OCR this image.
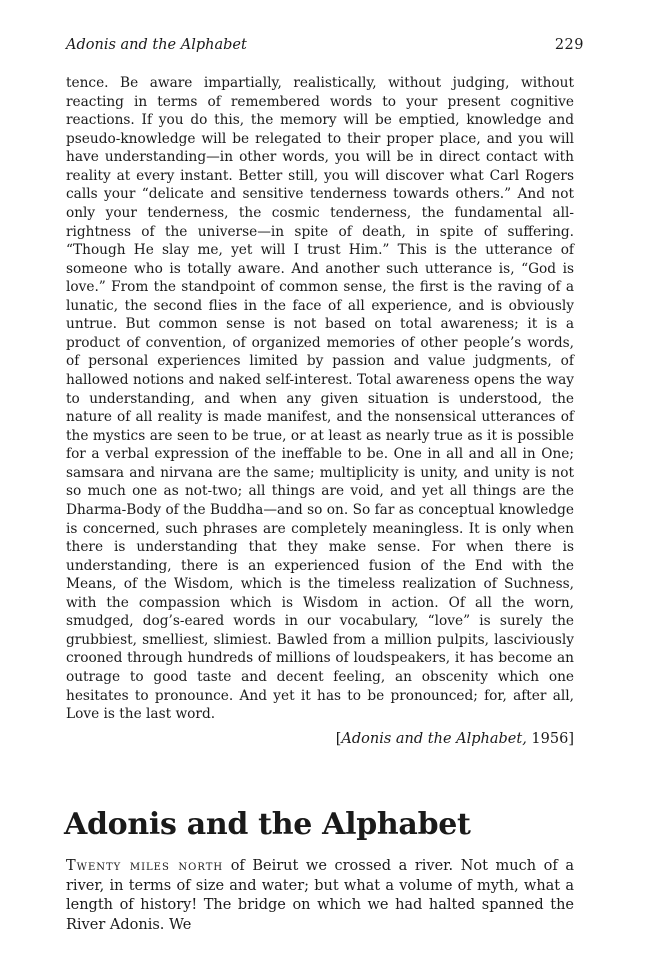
Adonis and the Alphabet	229

tence. Be aware impartially, realistically, without judging, without reacting in terms of remembered words to your present cognitive reactions. If you do this, the memory will be emptied, knowledge and pseudo-knowledge will be relegated to their proper place, and you will have understanding—in other words, you will be in direct contact with reality at every instant. Better still, you will discover what Carl Rogers calls your “delicate and sensitive tenderness towards others.” And not only your tenderness, the cosmic tenderness, the fundamental all-rightness of the universe—in spite of death, in spite of suffering. “Though He slay me, yet will I trust Him.” This is the utterance of someone who is totally aware. And another such utterance is, “God is love.” From the standpoint of common sense, the first is the raving of a lunatic, the second flies in the face of all experience, and is obviously untrue. But common sense is not based on total awareness; it is a product of convention, of organized memories of other people’s words, of personal experiences limited by passion and value judgments, of hallowed notions and naked self-interest. Total awareness opens the way to understanding, and when any given situation is understood, the nature of all reality is made manifest, and the nonsensical utterances of the mystics are seen to be true, or at least as nearly true as it is possible for a verbal expression of the ineffable to be. One in all and all in One; samsara and nirvana are the same; multiplicity is unity, and unity is not so much one as not-two; all things are void, and yet all things are the Dharma-Body of the Buddha—and so on. So far as conceptual knowledge is concerned, such phrases are completely meaningless. It is only when there is understanding that they make sense. For when there is understanding, there is an experienced fusion of the End with the Means, of the Wisdom, which is the timeless realization of Suchness, with the compassion which is Wisdom in action. Of all the worn, smudged, dog’s-eared words in our vocabulary, “love” is surely the grubbiest, smelliest, slimiest. Bawled from a million pulpits, lasciviously crooned through hundreds of millions of loudspeakers, it has become an outrage to good taste and decent feeling, an obscenity which one hesitates to pronounce. And yet it has to be pronounced; for, after all, Love is the last word.

[Adonis and the Alphabet, 1956]
Adonis and the Alphabet

Twenty miles north of Beirut we crossed a river. Not much of a river, in terms of size and water; but what a volume of myth, what a length of history! The bridge on which we had halted spanned the River Adonis. We
